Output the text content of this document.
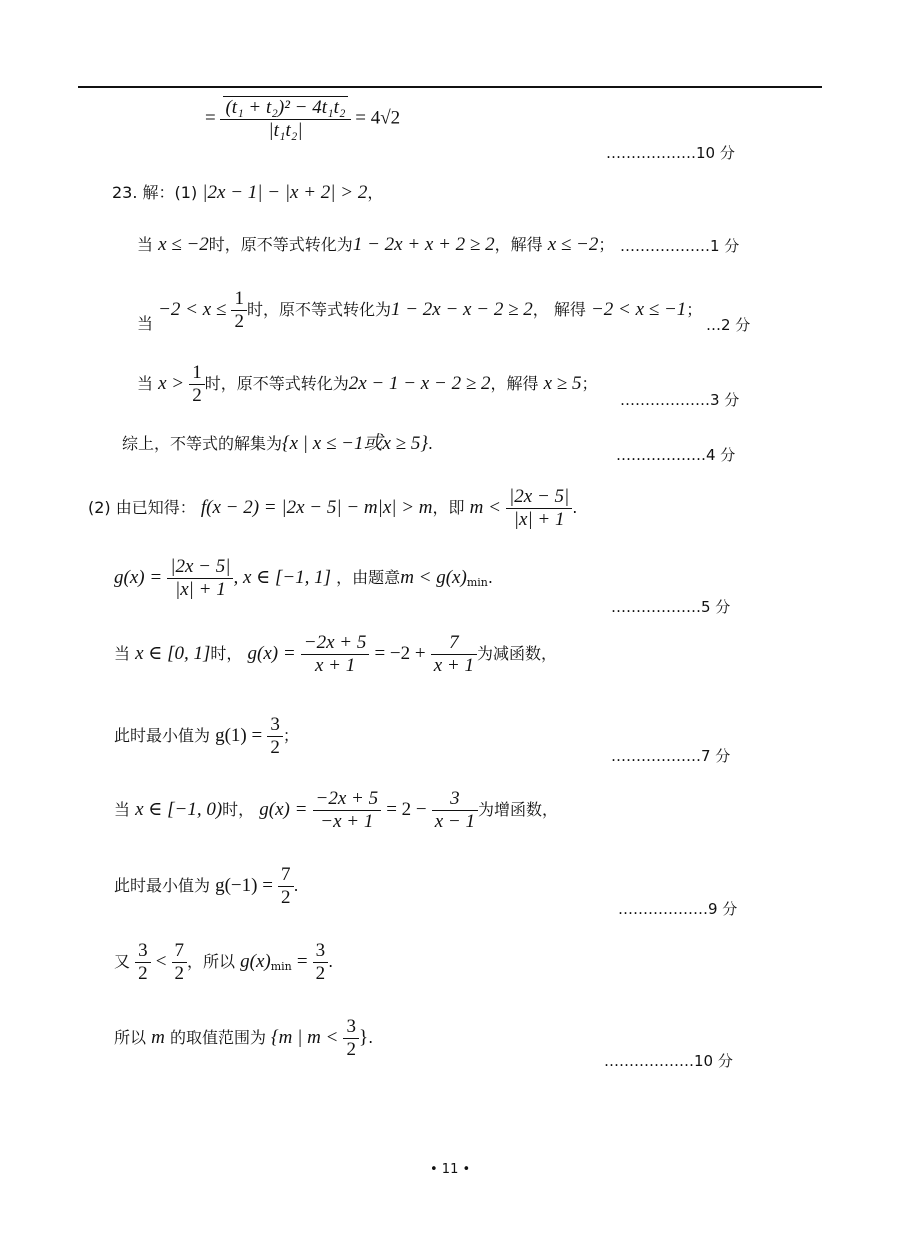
= $\frac{\text{(t₁ + t₂)² − 4t₁t₂}}{\text{|t₁t₂|}} = 4√2$
………………10 分
23. 解：(1) |2x − 1| − |x + 2| > 2，
当 x ≤ −2时，原不等式转化为1 − 2x + x + 2 ≥ 2，解得 x ≤ −2； ………………1 分
当 $-2 < x \le \frac{1}{2}$ 时，原不等式转化为1 − 2x − x − 2 ≥ 2， 解得 −2 < x ≤ −1；
…2 分
当 $x > \frac{1}{2}$ 时，原不等式转化为2x − 1 − x − 2 ≥ 2，解得 x ≥ 5；
………………3 分
综上，不等式的解集为{x | x ≤ −1或x ≥ 5}.
………………4 分
(2) 由已知得： f(x − 2) = |2x − 5| − m|x| > m，即 $m < \frac{|2x - 5|}{|x| + 1}$ .
$g(x) = \frac{|2x - 5|}{|x| + 1}$ , x ∈ [−1, 1] ，由题意$m < g(x)_{min}$.
………………5 分
当 x ∈ [0, 1]时， $g(x) = \frac{-2x + 5}{x + 1} = -2 + \frac{7}{x + 1}$ 为减函数，
此时最小值为 $g(1) = \frac{3}{2}$ ；
………………7 分
当 x ∈ [−1, 0)时， $g(x) = \frac{-2x + 5}{-x + 1} = 2 - \frac{3}{x - 1}$ 为增函数，
此时最小值为 $g(-1) = \frac{7}{2}$ .
………………9 分
又 $\frac{3}{2} < \frac{7}{2}$ ，所以 $g(x)_{min} = \frac{3}{2}$ .
所以 m 的取值范围为 {m | $m < \frac{3}{2}$ }.
………………10 分
• 11 •
